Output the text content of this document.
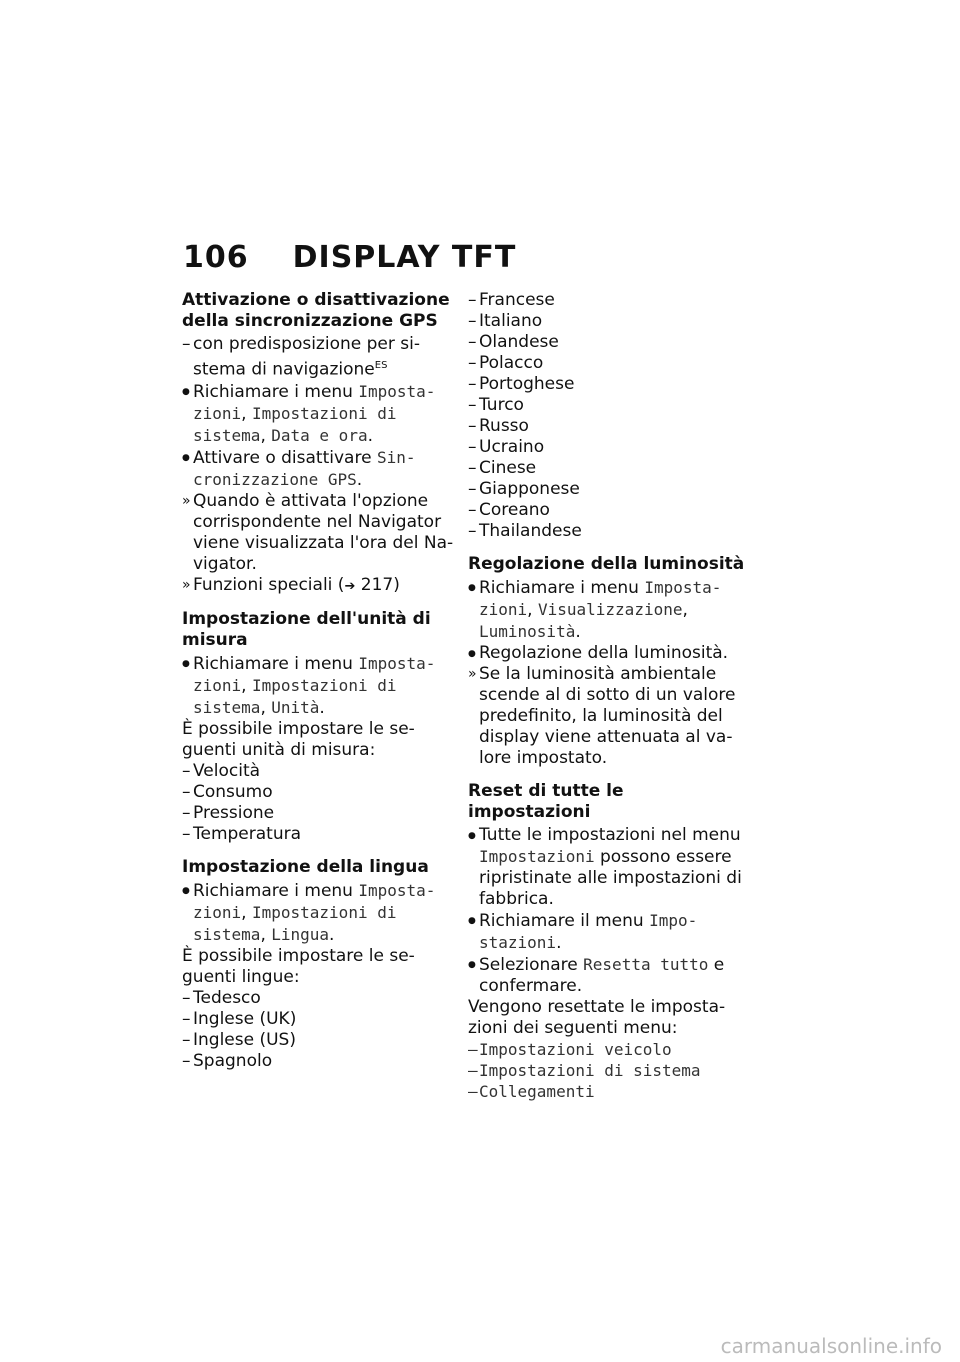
106 DISPLAY TFT

Attivazione o disattivazione della sincronizzazione GPS

– con predisposizione per si-stema di navigazione$^{ES}$

● Richiamare i menu Imposta-zioni, Impostazioni di sistema, Data e ora.

● Attivare o disattivare Sin-cronizzazione GPS.

» Quando è attivata l'opzione corrispondente nel Navigator viene visualizzata l'ora del Na-vigator.

» Funzioni speciali (➔ 217)

Impostazione dell'unità di misura

● Richiamare i menu Imposta-zioni, Impostazioni di sistema, Unità.

È possibile impostare le se-guenti unità di misura:

– Velocità

– Consumo

– Pressione

– Temperatura

Impostazione della lingua

● Richiamare i menu Imposta-zioni, Impostazioni di sistema, Lingua.

È possibile impostare le se-guenti lingue:

– Tedesco

– Inglese (UK)

– Inglese (US)

– Spagnolo

– Francese

– Italiano

– Olandese

– Polacco

– Portoghese

– Turco

– Russo

– Ucraino

– Cinese

– Giapponese

– Coreano

– Thailandese

Regolazione della luminosità

● Richiamare i menu Imposta-zioni, Visualizzazione, Luminosità.

● Regolazione della luminosità.

» Se la luminosità ambientale scende al di sotto di un valore predefinito, la luminosità del display viene attenuata al va-lore impostato.

Reset di tutte le impostazioni

● Tutte le impostazioni nel menu Impostazioni possono essere ripristinate alle impostazioni di fabbrica.

● Richiamare il menu Impo-stazioni.

● Selezionare Resetta tutto e confermare.

Vengono resettate le imposta-zioni dei seguenti menu:

– Impostazioni veicolo

– Impostazioni di sistema

– Collegamenti

carmanualsonline.info
